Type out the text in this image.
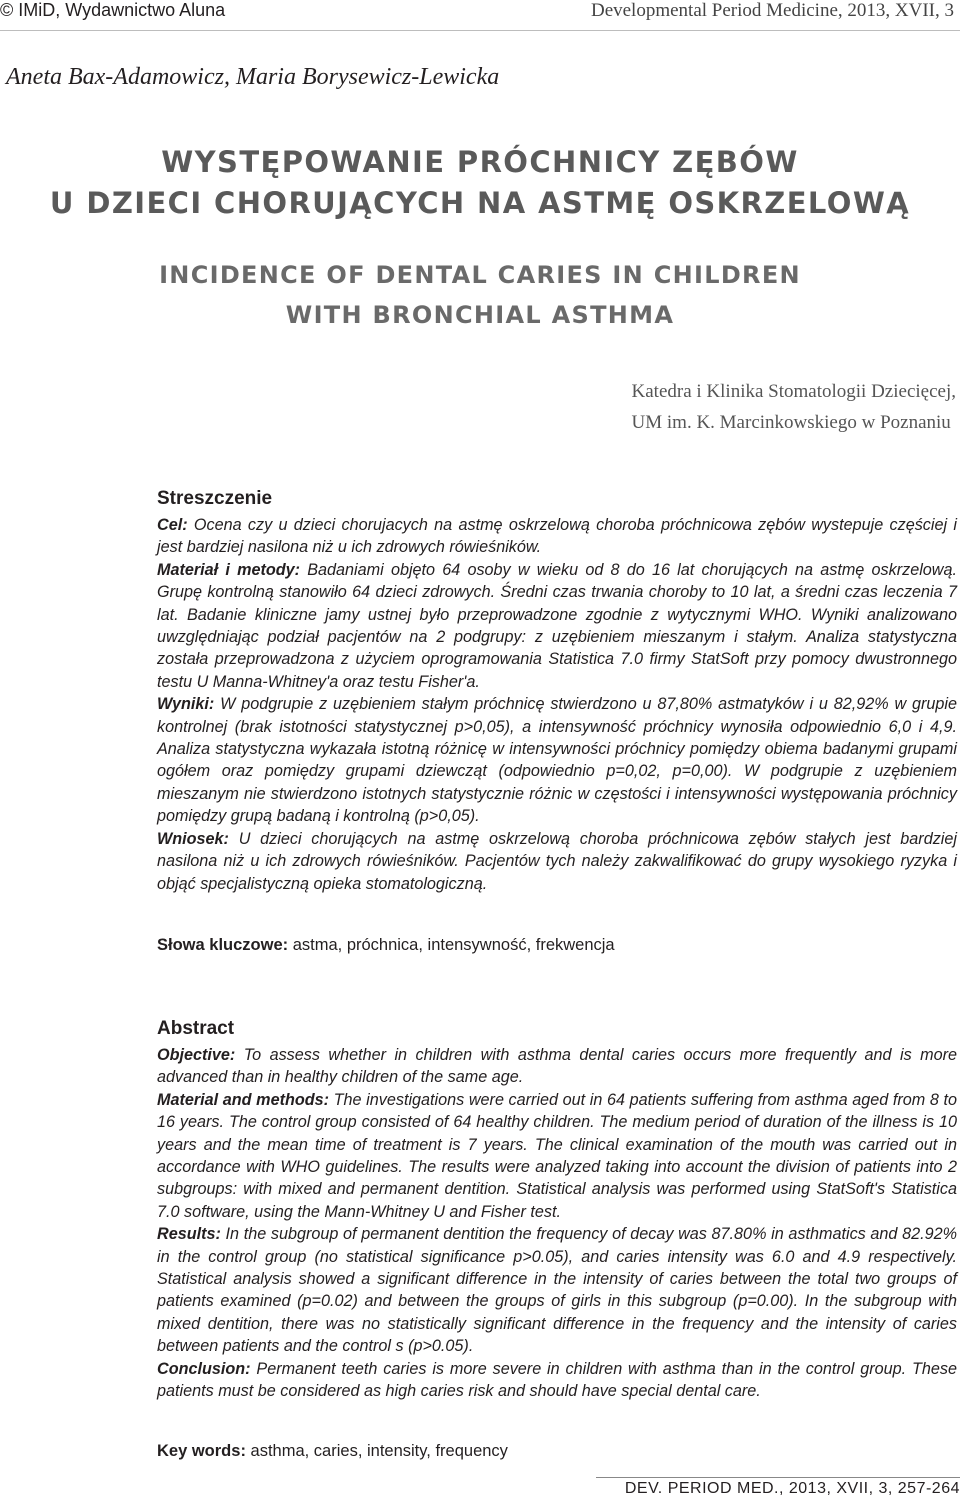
© IMiD, Wydawnictwo Aluna	Developmental Period Medicine, 2013, XVII, 3
Aneta Bax-Adamowicz, Maria Borysewicz-Lewicka
WYSTĘPOWANIE PRÓCHNICY ZĘBÓW
U DZIECI CHORUJĄCYCH NA ASTMĘ OSKRZELOWĄ
INCIDENCE OF DENTAL CARIES IN CHILDREN
WITH BRONCHIAL ASTHMA
Katedra i Klinika Stomatologii Dziecięcej,
UM im. K. Marcinkowskiego w Poznaniu
Streszczenie

Cel: Ocena czy u dzieci chorujacych na astmę oskrzelową choroba próchnicowa zębów wystepuje częściej i jest bardziej nasilona niż u ich zdrowych rówieśników.

Materiał i metody: Badaniami objęto 64 osoby w wieku od 8 do 16 lat chorujących na astmę oskrzelową. Grupę kontrolną stanowiło 64 dzieci zdrowych. Średni czas trwania choroby to 10 lat, a średni czas leczenia 7 lat. Badanie kliniczne jamy ustnej było przeprowadzone zgodnie z wytycznymi WHO. Wyniki analizowano uwzględniając podział pacjentów na 2 podgrupy: z uzębieniem mieszanym i stałym. Analiza statystyczna została przeprowadzona z użyciem oprogramowania Statistica 7.0 firmy StatSoft przy pomocy dwustronnego testu U Manna-Whitney'a oraz testu Fisher'a.

Wyniki: W podgrupie z uzębieniem stałym próchnicę stwierdzono u 87,80% astmatyków i u 82,92% w grupie kontrolnej (brak istotności statystycznej p>0,05), a intensywność próchnicy wynosiła odpowiednio 6,0 i 4,9. Analiza statystyczna wykazała istotną różnicę w intensywności próchnicy pomiędzy obiema badanymi grupami ogółem oraz pomiędzy grupami dziewcząt (odpowiednio p=0,02, p=0,00). W podgrupie z uzębieniem mieszanym nie stwierdzono istotnych statystycznie różnic w częstości i intensywności występowania próchnicy pomiędzy grupą badaną i kontrolną (p>0,05).

Wniosek: U dzieci chorujących na astmę oskrzelową choroba próchnicowa zębów stałych jest bardziej nasilona niż u ich zdrowych rówieśników. Pacjentów tych należy zakwalifikować do grupy wysokiego ryzyka i objąć specjalistyczną opieka stomatologiczną.

Słowa kluczowe: astma, próchnica, intensywność, frekwencja
Abstract

Objective: To assess whether in children with asthma dental caries occurs more frequently and is more advanced than in healthy children of the same age.

Material and methods: The investigations were carried out in 64 patients suffering from asthma aged from 8 to 16 years. The control group consisted of 64 healthy children. The medium period of duration of the illness is 10 years and the mean time of treatment is 7 years. The clinical examination of the mouth was carried out in accordance with WHO guidelines. The results were analyzed taking into account the division of patients into 2 subgroups: with mixed and permanent dentition. Statistical analysis was performed using StatSoft's Statistica 7.0 software, using the Mann-Whitney U and Fisher test.

Results: In the subgroup of permanent dentition the frequency of decay was 87.80% in asthmatics and 82.92% in the control group (no statistical significance p>0.05), and caries intensity was 6.0 and 4.9 respectively. Statistical analysis showed a significant difference in the intensity of caries between the total two groups of patients examined (p=0.02) and between the groups of girls in this subgroup (p=0.00). In the subgroup with mixed dentition, there was no statistically significant difference in the frequency and the intensity of caries between patients and the control s (p>0.05).

Conclusion: Permanent teeth caries is more severe in children with asthma than in the control group. These patients must be considered as high caries risk and should have special dental care.

Key words: asthma, caries, intensity, frequency
DEV. PERIOD MED., 2013, XVII, 3, 257-264
